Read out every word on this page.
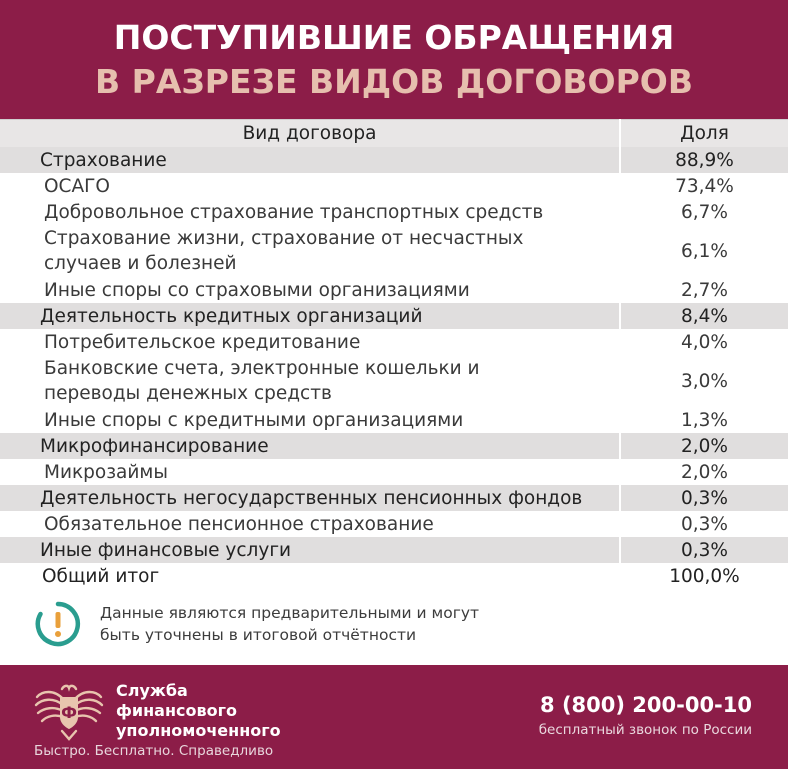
ПОСТУПИВШИЕ ОБРАЩЕНИЯ
В РАЗРЕЗЕ ВИДОВ ДОГОВОРОВ
Вид договора	Доля
Страхование	88,9%
ОСАГО	73,4%
Добровольное страхование транспортных средств	6,7%
Страхование жизни, страхование от несчастных случаев и болезней	6,1%
Иные споры со страховыми организациями	2,7%
Деятельность кредитных организаций	8,4%
Потребительское кредитование	4,0%
Банковские счета, электронные кошельки и переводы денежных средств	3,0%
Иные споры с кредитными организациями	1,3%
Микрофинансирование	2,0%
Микрозаймы	2,0%
Деятельность негосударственных пенсионных фондов	0,3%
Обязательное пенсионное страхование	0,3%
Иные финансовые услуги	0,3%
Общий итог	100,0%
Данные являются предварительными и могут
быть уточнены в итоговой отчётности
Ф
Служба
финансового
уполномоченного
Быстро. Бесплатно. Справедливо
8 (800) 200-00-10
бесплатный звонок по России
